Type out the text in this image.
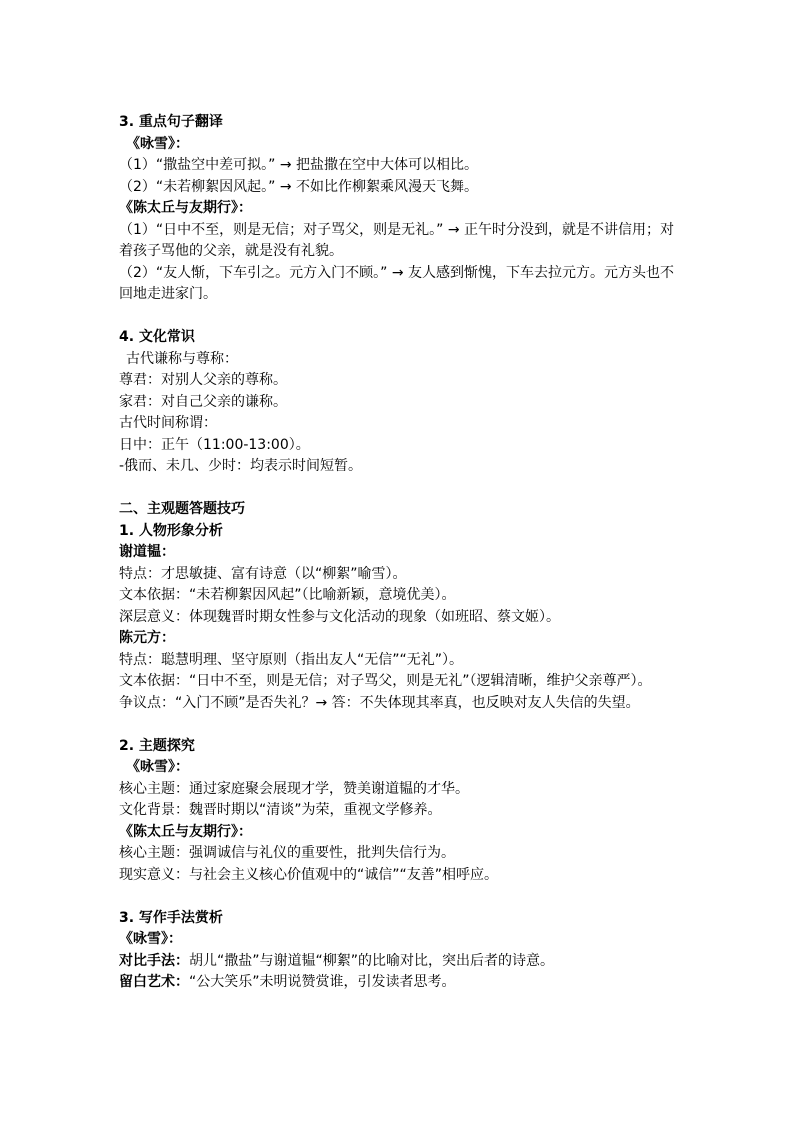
3. 重点句子翻译
《咏雪》：
（1）“撒盐空中差可拟。” → 把盐撒在空中大体可以相比。
（2）“未若柳絮因风起。” → 不如比作柳絮乘风漫天飞舞。
《陈太丘与友期行》：
（1）“日中不至，则是无信；对子骂父，则是无礼。” → 正午时分没到，就是不讲信用；对着孩子骂他的父亲，就是没有礼貌。
（2）“友人惭，下车引之。元方入门不顾。” → 友人感到惭愧，下车去拉元方。元方头也不回地走进家门。
4. 文化常识
古代谦称与尊称：
尊君：对别人父亲的尊称。
家君：对自己父亲的谦称。
古代时间称谓：
日中：正午（11:00-13:00）。
-俄而、未几、少时：均表示时间短暂。
二、主观题答题技巧
1. 人物形象分析
谢道韫：
特点：才思敏捷、富有诗意（以“柳絮”喻雪）。
文本依据：“未若柳絮因风起”（比喻新颖，意境优美）。
深层意义：体现魏晋时期女性参与文化活动的现象（如班昭、蔡文姬）。
陈元方：
特点：聪慧明理、坚守原则（指出友人“无信”“无礼”）。
文本依据：“日中不至，则是无信；对子骂父，则是无礼”（逻辑清晰，维护父亲尊严）。
争议点：“入门不顾”是否失礼？→ 答：不失体现其率真，也反映对友人失信的失望。
2. 主题探究
《咏雪》：
核心主题：通过家庭聚会展现才学，赞美谢道韫的才华。
文化背景：魏晋时期以“清谈”为荣，重视文学修养。
《陈太丘与友期行》：
核心主题：强调诚信与礼仪的重要性，批判失信行为。
现实意义：与社会主义核心价值观中的“诚信”“友善”相呼应。
3. 写作手法赏析
《咏雪》：
对比手法：胡儿“撒盐”与谢道韫“柳絮”的比喻对比，突出后者的诗意。
留白艺术：“公大笑乐”未明说赞赏谁，引发读者思考。
